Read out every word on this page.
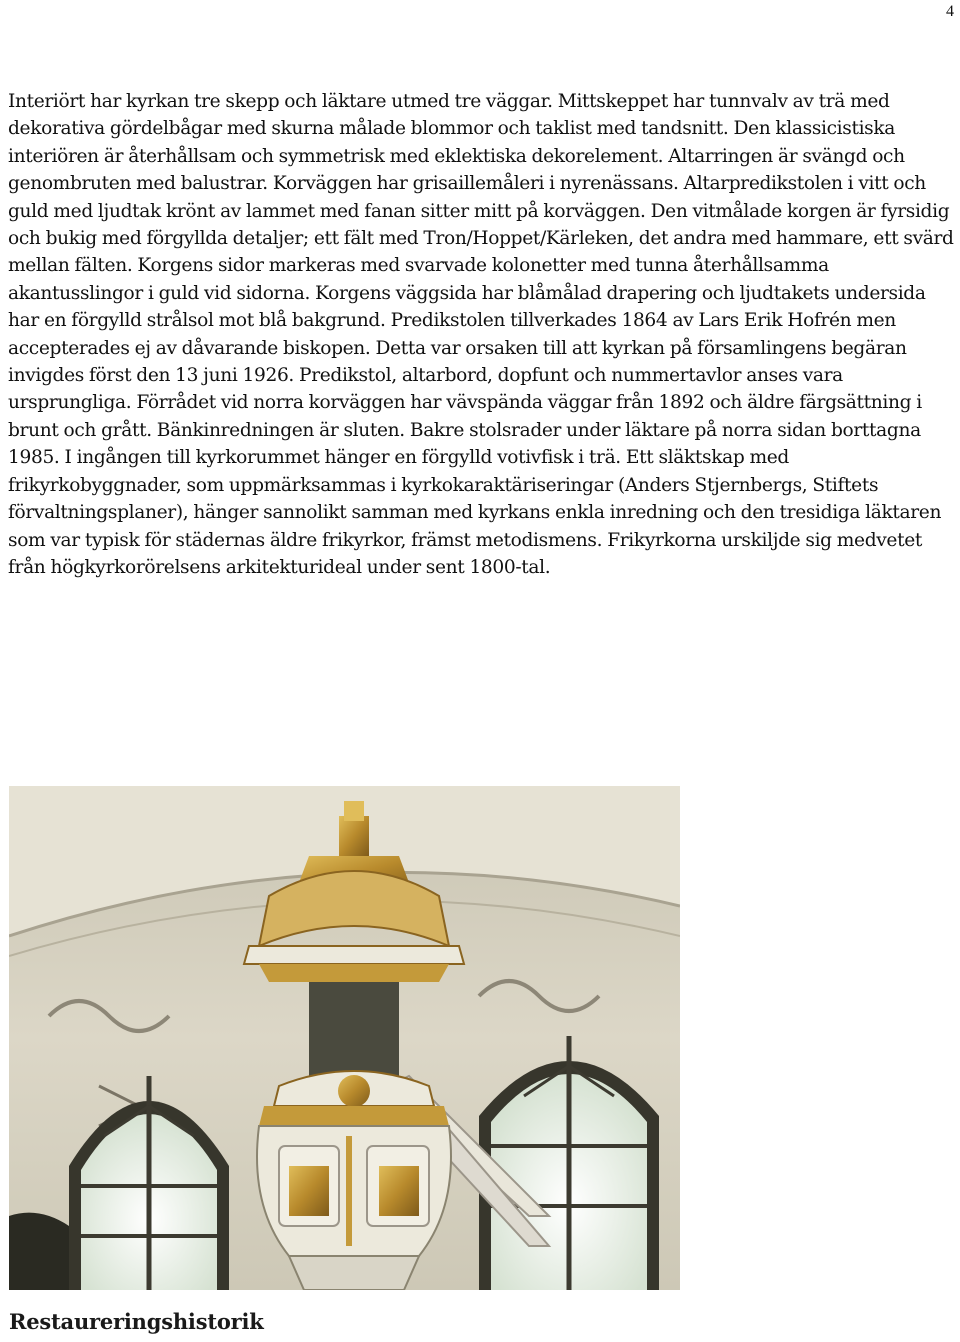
4

Interiört har kyrkan tre skepp och läktare utmed tre väggar. Mittskeppet har tunnvalv av trä med dekorativa gördelbågar med skurna målade blommor och taklist med tandsnitt. Den klassicistiska interiören är återhållsam och symmetrisk med eklektiska dekorelement. Altarringen är svängd och genombruten med balustrar. Korväggen har grisaillemåleri i nyrenässans. Altarpredikstolen i vitt och guld med ljudtak krönt av lammet med fanan sitter mitt på korväggen. Den vitmålade korgen är fyrsidig och bukig med förgyllda detaljer; ett fält med Tron/Hoppet/Kärleken, det andra med hammare, ett svärd mellan fälten. Korgens sidor markeras med svarvade kolonetter med tunna återhållsamma akantusslingor i guld vid sidorna. Korgens väggsida har blåmålad drapering och ljudtakets undersida har en förgylld strålsol mot blå bakgrund. Predikstolen tillverkades 1864 av Lars Erik Hofrén men accepterades ej av dåvarande biskopen. Detta var orsaken till att kyrkan på församlingens begäran invigdes först den 13 juni 1926. Predikstol, altarbord, dopfunt och nummertavlor anses vara ursprungliga. Förrådet vid norra korväggen har vävspända väggar från 1892 och äldre färgsättning i brunt och grått. Bänkinredningen är sluten. Bakre stolsrader under läktare på norra sidan borttagna 1985. I ingången till kyrkorummet hänger en förgylld votivfisk i trä. Ett släktskap med frikyrkobyggnader, som uppmärksammas i kyrkokaraktäriseringar (Anders Stjernbergs, Stiftets förvaltningsplaner), hänger sannolikt samman med kyrkans enkla inredning och den tresidiga läktaren som var typisk för städernas äldre frikyrkor, främst metodismens. Frikyrkorna urskiljde sig medvetet från högkyrkorörelsens arkitekturideal under sent 1800-tal.

Restaureringshistorik
